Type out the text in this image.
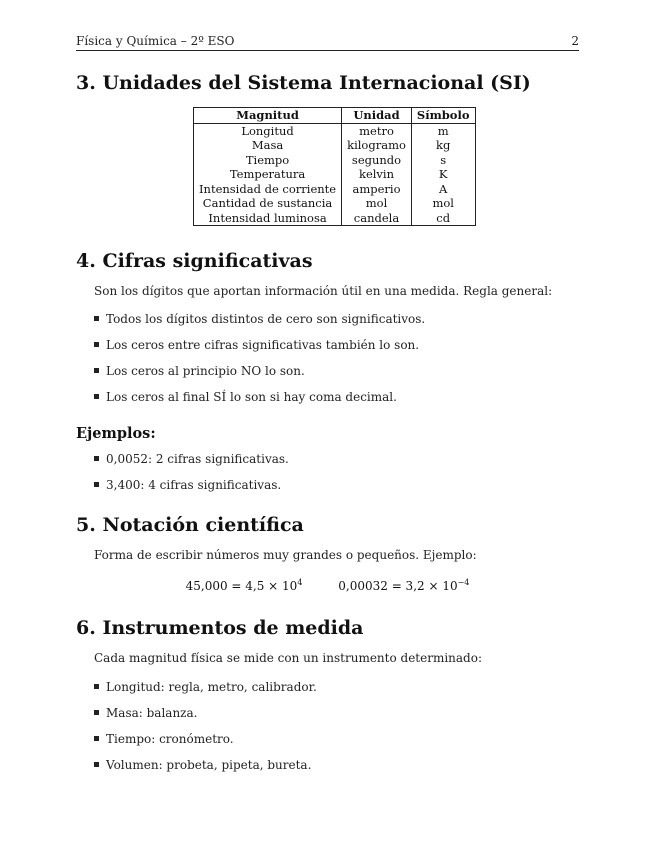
Física y Química – 2º ESO	2
3. Unidades del Sistema Internacional (SI)
Magnitud	Unidad	Símbolo
Longitud	metro	m
Masa	kilogramo	kg
Tiempo	segundo	s
Temperatura	kelvin	K
Intensidad de corriente	amperio	A
Cantidad de sustancia	mol	mol
Intensidad luminosa	candela	cd
4. Cifras significativas

Son los dígitos que aportan información útil en una medida. Regla general:

Todos los dígitos distintos de cero son significativos.
Los ceros entre cifras significativas también lo son.
Los ceros al principio NO lo son.
Los ceros al final SÍ lo son si hay coma decimal.
Ejemplos:
0,0052: 2 cifras significativas.
3,400: 4 cifras significativas.
5. Notación científica

Forma de escribir números muy grandes o pequeños. Ejemplo:

$45,000 = 4,5 \times 10^4$	$0,00032 = 3,2 \times 10^{-4}$
6. Instrumentos de medida

Cada magnitud física se mide con un instrumento determinado:

Longitud: regla, metro, calibrador.
Masa: balanza.
Tiempo: cronómetro.
Volumen: probeta, pipeta, bureta.
